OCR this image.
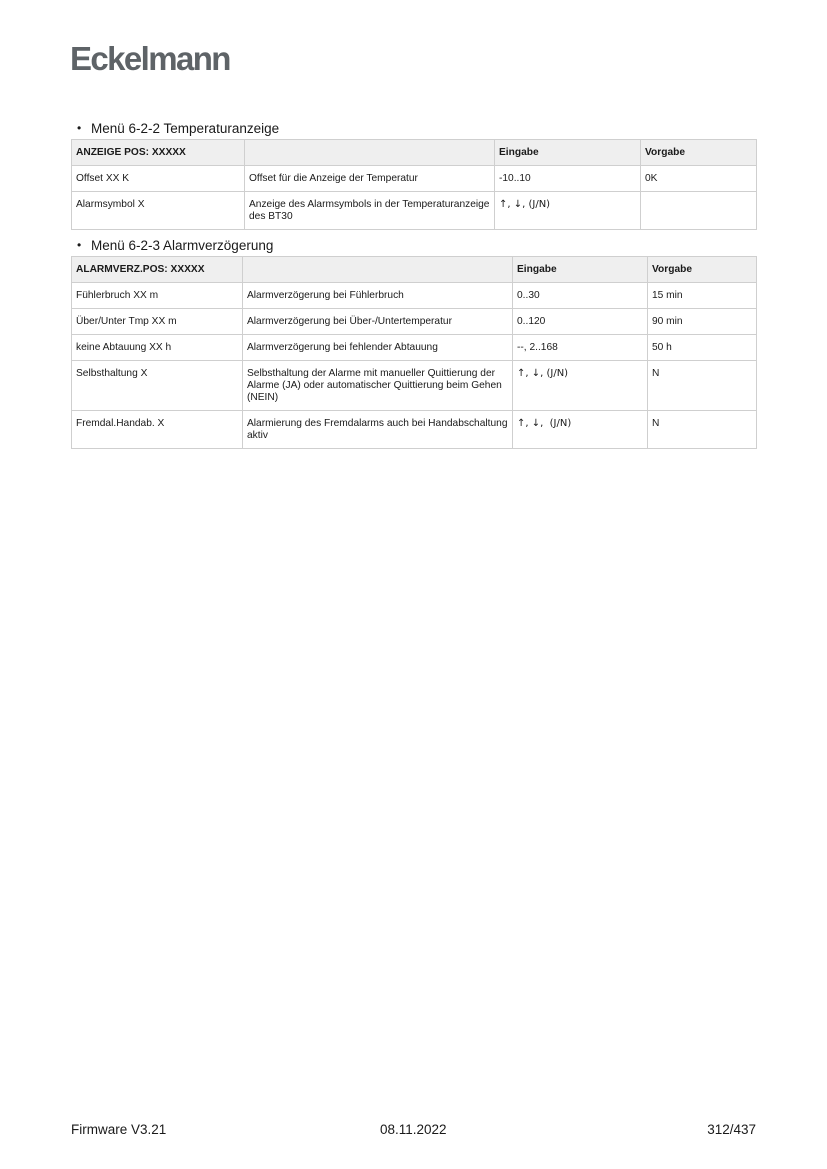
Eckelmann
• Menü 6-2-2 Temperaturanzeige
ANZEIGE POS: XXXXX		Eingabe	Vorgabe
Offset XX K	Offset für die Anzeige der Temperatur	-10..10	0K
Alarmsymbol X	Anzeige des Alarmsymbols in der Temperaturanzeige des BT30	↑, ↓, (J/N)	
• Menü 6-2-3 Alarmverzögerung
ALARMVERZ.POS: XXXXX		Eingabe	Vorgabe
Fühlerbruch XX m	Alarmverzögerung bei Fühlerbruch	0..30	15 min
Über/Unter Tmp XX m	Alarmverzögerung bei Über-/Untertemperatur	0..120	90 min
keine Abtauung XX h	Alarmverzögerung bei fehlender Abtauung	--, 2..168	50 h
Selbsthaltung X	Selbsthaltung der Alarme mit manueller Quittierung der Alarme (JA) oder automatischer Quittierung beim Gehen (NEIN)	↑, ↓, (J/N)	N
Fremdal.Handab. X	Alarmierung des Fremdalarms auch bei Handabschaltung aktiv	↑, ↓,  (J/N)	N
Firmware V3.21	08.11.2022	312/437
